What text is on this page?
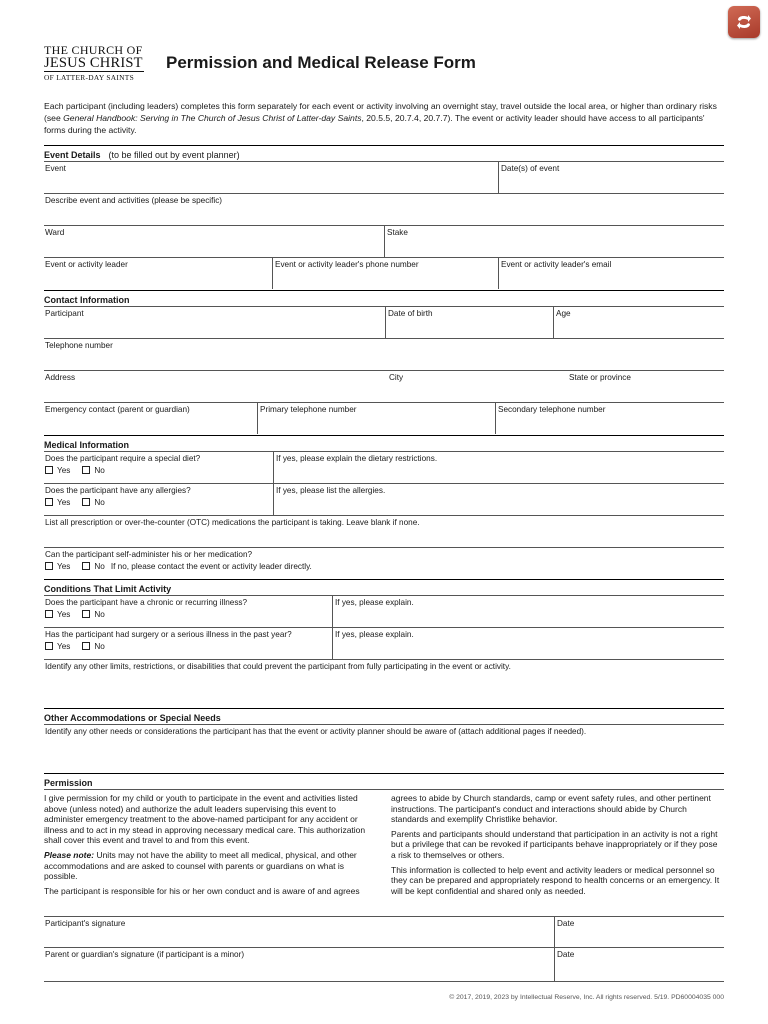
THE CHURCH OF
JESUS CHRIST
OF LATTER-DAY SAINTS
Permission and Medical Release Form
Each participant (including leaders) completes this form separately for each event or activity involving an overnight stay, travel outside the local area, or higher than ordinary risks (see General Handbook: Serving in The Church of Jesus Christ of Latter-day Saints, 20.5.5, 20.7.4, 20.7.7). The event or activity leader should have access to all participants' forms during the activity.
Event Details (to be filled out by event planner)
Event	Date(s) of event
Describe event and activities (please be specific)
Ward	Stake
Event or activity leader	Event or activity leader's phone number	Event or activity leader's email
Contact Information
Participant	Date of birth	Age
Telephone number
Address	City	State or province
Emergency contact (parent or guardian)	Primary telephone number	Secondary telephone number
Medical Information
Does the participant require a special diet?
Yes	No
If yes, please explain the dietary restrictions.
Does the participant have any allergies?
Yes	No
If yes, please list the allergies.
List all prescription or over-the-counter (OTC) medications the participant is taking. Leave blank if none.
Can the participant self-administer his or her medication?
Yes	No If no, please contact the event or activity leader directly.
Conditions That Limit Activity
Does the participant have a chronic or recurring illness?
Yes	No
If yes, please explain.
Has the participant had surgery or a serious illness in the past year?
Yes	No
If yes, please explain.
Identify any other limits, restrictions, or disabilities that could prevent the participant from fully participating in the event or activity.
Other Accommodations or Special Needs
Identify any other needs or considerations the participant has that the event or activity planner should be aware of (attach additional pages if needed).
Permission

I give permission for my child or youth to participate in the event and activities listed above (unless noted) and authorize the adult leaders supervising this event to administer emergency treatment to the above-named participant for any accident or illness and to act in my stead in approving necessary medical care. This authorization shall cover this event and travel to and from this event.

Please note: Units may not have the ability to meet all medical, physical, and other accommodations and are asked to counsel with parents or guardians on what is possible.

The participant is responsible for his or her own conduct and is aware of and agrees

agrees to abide by Church standards, camp or event safety rules, and other pertinent instructions. The participant's conduct and interactions should abide by Church standards and exemplify Christlike behavior.

Parents and participants should understand that participation in an activity is not a right but a privilege that can be revoked if participants behave inappropriately or if they pose a risk to themselves or others.

This information is collected to help event and activity leaders or medical personnel so they can be prepared and appropriately respond to health concerns or an emergency. It will be kept confidential and shared only as needed.

Participant's signature	Date
Parent or guardian's signature (if participant is a minor)	Date
© 2017, 2019, 2023 by Intellectual Reserve, Inc. All rights reserved. 5/19. PD60004035 000
